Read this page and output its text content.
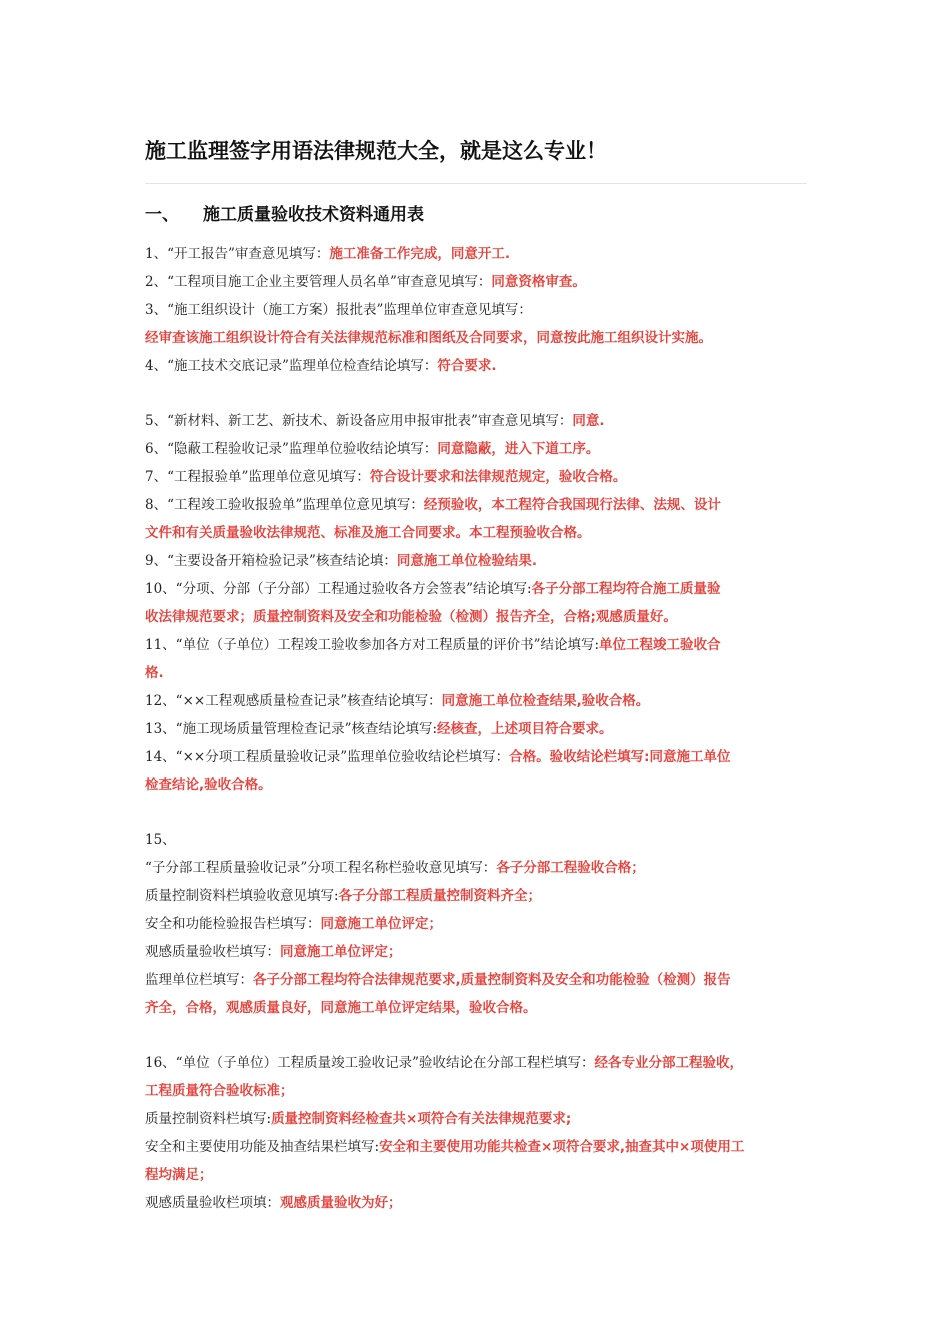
施工监理签字用语法律规范大全，就是这么专业！
一、 施工质量验收技术资料通用表
1、“开工报告”审查意见填写：施工准备工作完成，同意开工.
2、“工程项目施工企业主要管理人员名单”审查意见填写：同意资格审查。
3、“施工组织设计（施工方案）报批表”监理单位审查意见填写：
经审查该施工组织设计符合有关法律规范标准和图纸及合同要求，同意按此施工组织设计实施。
4、“施工技术交底记录”监理单位检查结论填写：符合要求.
5、“新材料、新工艺、新技术、新设备应用申报审批表”审查意见填写：同意.
6、“隐蔽工程验收记录”监理单位验收结论填写：同意隐蔽，进入下道工序。
7、“工程报验单”监理单位意见填写：符合设计要求和法律规范规定，验收合格。
8、“工程竣工验收报验单”监理单位意见填写：经预验收，本工程符合我国现行法律、法规、设计
文件和有关质量验收法律规范、标准及施工合同要求。本工程预验收合格。
9、“主要设备开箱检验记录”核查结论填：同意施工单位检验结果.
10、“分项、分部（子分部）工程通过验收各方会签表”结论填写:各子分部工程均符合施工质量验
收法律规范要求；质量控制资料及安全和功能检验（检测）报告齐全，合格;观感质量好。
11、“单位（子单位）工程竣工验收参加各方对工程质量的评价书”结论填写:单位工程竣工验收合
格.
12、“××工程观感质量检查记录”核查结论填写：同意施工单位检查结果,验收合格。
13、“施工现场质量管理检查记录”核查结论填写:经核查，上述项目符合要求。
14、“××分项工程质量验收记录”监理单位验收结论栏填写：合格。验收结论栏填写:同意施工单位
检查结论,验收合格。
15、
“子分部工程质量验收记录”分项工程名称栏验收意见填写：各子分部工程验收合格；
质量控制资料栏填验收意见填写:各子分部工程质量控制资料齐全；
安全和功能检验报告栏填写：同意施工单位评定；
观感质量验收栏填写：同意施工单位评定；
监理单位栏填写：各子分部工程均符合法律规范要求,质量控制资料及安全和功能检验（检测）报告
齐全，合格，观感质量良好，同意施工单位评定结果，验收合格。
16、“单位（子单位）工程质量竣工验收记录”验收结论在分部工程栏填写：经各专业分部工程验收，
工程质量符合验收标准；
质量控制资料栏填写:质量控制资料经检查共×项符合有关法律规范要求;
安全和主要使用功能及抽查结果栏填写:安全和主要使用功能共检查×项符合要求,抽查其中×项使用工
程均满足；
观感质量验收栏项填：观感质量验收为好；
